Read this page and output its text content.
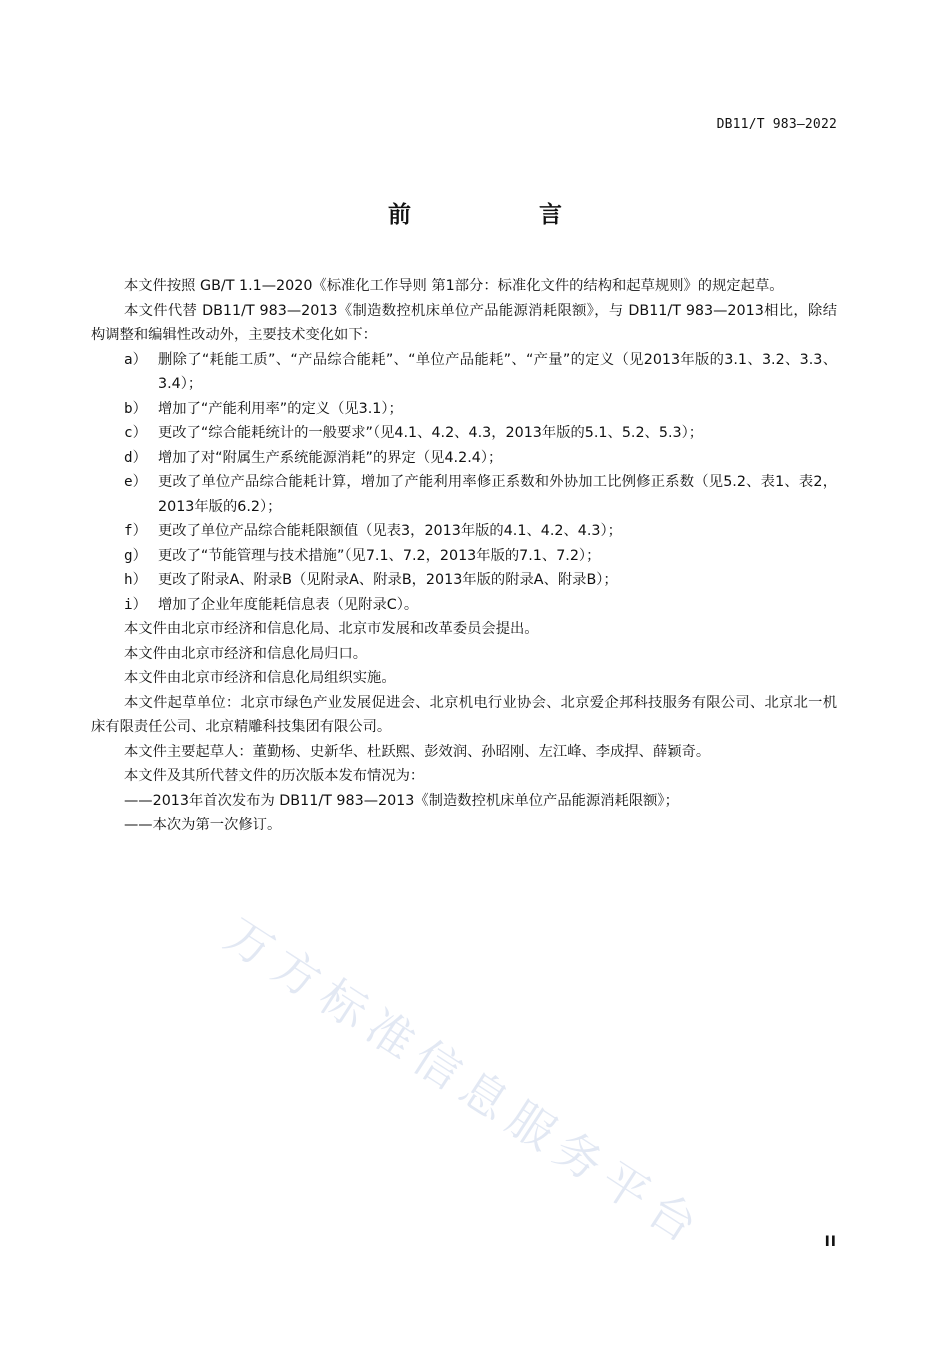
DB11/T 983—2022
前 言

本文件按照 GB/T 1.1—2020《标准化工作导则 第1部分：标准化文件的结构和起草规则》的规定起草。

本文件代替 DB11/T 983—2013《制造数控机床单位产品能源消耗限额》，与 DB11/T 983—2013相比，除结构调整和编辑性改动外，主要技术变化如下：

a） 删除了“耗能工质”、“产品综合能耗”、“单位产品能耗”、“产量”的定义（见2013年版的3.1、3.2、3.3、3.4）；

b） 增加了“产能利用率”的定义（见3.1）；

c） 更改了“综合能耗统计的一般要求”（见4.1、4.2、4.3，2013年版的5.1、5.2、5.3）；

d） 增加了对“附属生产系统能源消耗”的界定（见4.2.4）；

e） 更改了单位产品综合能耗计算，增加了产能利用率修正系数和外协加工比例修正系数（见5.2、表1、表2，2013年版的6.2）；

f） 更改了单位产品综合能耗限额值（见表3，2013年版的4.1、4.2、4.3）；

g） 更改了“节能管理与技术措施”（见7.1、7.2，2013年版的7.1、7.2）；

h） 更改了附录A、附录B（见附录A、附录B，2013年版的附录A、附录B）；

i） 增加了企业年度能耗信息表（见附录C）。

本文件由北京市经济和信息化局、北京市发展和改革委员会提出。

本文件由北京市经济和信息化局归口。

本文件由北京市经济和信息化局组织实施。

本文件起草单位：北京市绿色产业发展促进会、北京机电行业协会、北京爱企邦科技服务有限公司、北京北一机床有限责任公司、北京精雕科技集团有限公司。

本文件主要起草人：董勤杨、史新华、杜跃熙、彭效润、孙昭刚、左江峰、李成捍、薛颖奇。

本文件及其所代替文件的历次版本发布情况为：

——2013年首次发布为 DB11/T 983—2013《制造数控机床单位产品能源消耗限额》；

——本次为第一次修订。

万方标准信息服务平台	II
